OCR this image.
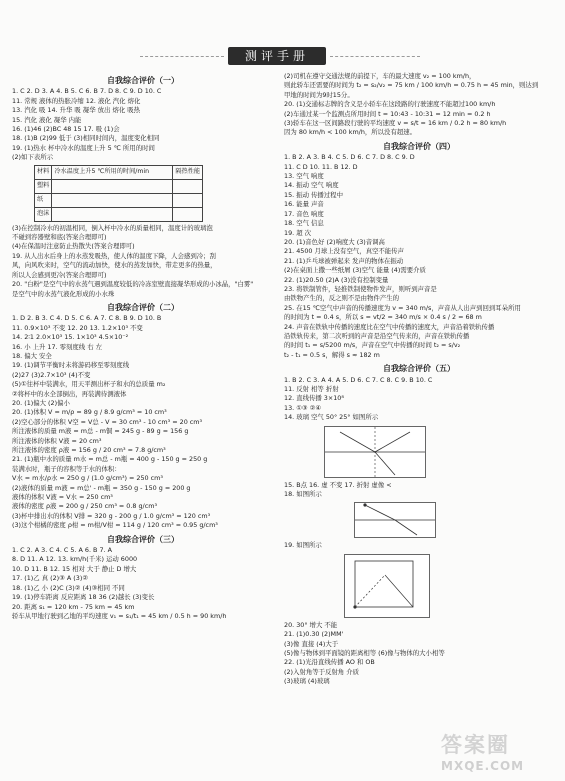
测评手册
自我综合评价（一）
1. C 2. D 3. A 4. B 5. C 6. B 7. D 8. C 9. D 10. C
11. 常规 液体的热胀冷缩 12. 液化 汽化 熔化
13. 汽化 吸 14. 升华 吸 凝华 放出 熔化 吸热
15. 汽化 液化 凝华 内能
16. (1)46 (2)BC 48 15 17. 吸 (1)会
18. (1)B (2)99 低于 (3)相同时间内，温度变化相同
19. (1)热水 杯中冷水的温度上升 5 ℃ 所用的时间
(2)如下表所示
材料	冷水温度上升5 ℃所用的时间/min	隔热性能
塑料		
纸		
泡沫		
(3)在控制冷水的初温相同，倒入杯中冷水的质量相同，温度计的玻璃泡
不碰到容器壁和底(答案合理即可)
(4)在保温时注意防止热散失(答案合理即可)
19. 从人出水后身上的水蒸发吸热，使人体的温度下降，人会感到冷；刮
风，向风吹来时，空气的流动加快，使水的蒸发加快，带走更多的热量，
所以人会感到更冷(答案合理即可)
20. "白粉"是空气中的水蒸气遇到温度较低的冷冻室壁直接凝华形成的小冰晶，"白雾"
是空气中的水蒸气液化形成的小水珠
自我综合评价（二）
1. D 2. B 3. C 4. D 5. C 6. A 7. C 8. B 9. D 10. B
11. 0.9×10³ 不变 12. 20 13. 1.2×10³ 不变
14. 2∶1 2.0×10³ 15. 1×10³ 4.5×10⁻²
16. 小 上升 17. 零刻度线 右 左
18. 偏大 安全
19. (1)调节平衡时未将游码移至零刻度线
(2)27 (3)2.7×10³ (4)不变
(5)①往杯中装满水，用天平测出杯子和水的总质量 m₂
②将杯中的水全部倒出，再装满待测液体
20. (1)偏大 (2)偏小
20. (1)体积 V = m/ρ = 89 g / 8.9 g/cm³ = 10 cm³
(2)空心部分的体积 V空 = V总 - V = 30 cm³ - 10 cm³ = 20 cm³
所注液体的质量 m液 = m总 - m铜 = 245 g - 89 g = 156 g
所注液体的体积 V液 = 20 cm³
所注液体的密度 ρ液 = 156 g / 20 cm³ = 7.8 g/cm³
21. (1)瓶中水的质量 m水 = m总 - m瓶 = 400 g - 150 g = 250 g
装满水时，瓶子的容积等于水的体积：
V水 = m水/ρ水 = 250 g / (1.0 g/cm³) = 250 cm³
(2)液体的质量 m液 = m总' - m瓶 = 350 g - 150 g = 200 g
液体的体积 V液 = V水 = 250 cm³
液体的密度 ρ液 = 200 g / 250 cm³ = 0.8 g/cm³
(3)杯中排出水的体积 V排 = 320 g - 200 g / 1.0 g/cm³ = 120 cm³
(3)这个柑橘的密度 ρ柑 = m柑/V柑 = 114 g / 120 cm³ = 0.95 g/cm³
自我综合评价（三）
1. C 2. A 3. C 4. C 5. A 6. B 7. A
8. D 11. A 12. 13. km/h(千米) 运动 6000
10. D 11. B 12. 15 相对 大于 静止 D 增大
17. (1)乙 真 (2)③ A (3)②
18. (1)乙 小 (2)C (3)② (4)③相同 不同
19. (1)停车距离 反应距离 18 36 (2)越长 (3)变长
20. 距离 s₁ = 120 km - 75 km = 45 km
轿车从甲地行驶到乙地的平均速度 v₁ = s₁/t₁ = 45 km / 0.5 h = 90 km/h
(2)司机在遵守交通法规的前提下，车的最大速度 v₂ = 100 km/h，
则此轿车还需要的时间为 t₂ = s₂/v₂ = 75 km / 100 km/h = 0.75 h = 45 min，则达到
甲地的时间为9时15分。
20. (1)交通标志牌的含义是小轿车在这段路的行驶速度不能超过100 km/h
(2)车通过某一个监测点所用时间 t = 10:43 - 10:31 = 12 min = 0.2 h
(3)轿车在这一区间路段行驶的平均速度 v = s/t = 16 km / 0.2 h = 80 km/h
因为 80 km/h < 100 km/h，所以没有超速。
自我综合评价（四）
1. B 2. A 3. B 4. C 5. D 6. C 7. D 8. C 9. D
11. C D 10. 11. B 12. D
13. 空气 响度
14. 振动 空气 响度
15. 振动 传播过程中
16. 能量 声音
17. 音色 响度
18. 空气 信息
19. 超 次
20. (1)音色好 (2)响度大 (3)音调高
21. 4500 月球上没有空气，真空不能传声
21. (1)乒乓球被弹起来 发声的物体在振动
(2)在桌面上撒一些纸屑 (3)空气 能量 (4)需要介质
22. (1)20.50 (2)A (3)没有控制变量
23. 将铁制管件，轻推铁制使物件发声，则听到声音是
由铁物产生的，反之则不是由物件产生的
25. 在15 ℃空气中声音的传播速度为 v = 340 m/s，声音从人出声到回到耳朵所用
的时间为 t = 0.4 s，所以 s = vt/2 = 340 m/s × 0.4 s / 2 = 68 m
24. 声音在铁轨中传播的速度比在空气中传播的速度大，声音沿着铁轨传播
沿铁轨传来，第二次听到的声音是沿空气传来的，声音在铁轨传播
的时间 t₁ = s/5200 m/s，声音在空气中传播的时间 t₂ = s/v₂
t₂ - t₁ = 0.5 s，解得 s ≈ 182 m
自我综合评价（五）
1. B 2. C 3. A 4. A 5. D 6. C 7. C 8. C 9. B 10. C
11. 反射 相等 折射
12. 直线传播 3×10⁸
13. ①③ ②④
14. 玻璃 空气 50° 25° 如图所示
15. B点 16. 虚 不变 17. 折射 虚像 <
18. 如图所示
19. 如图所示
20. 30° 增大 不能
21. (1)0.30 (2)MM'
(3)像 直接 (4)大于
(5)像与物体到平面镜的距离相等 (6)像与物体的大小相等
22. (1)光沿直线传播 AO 和 OB
(2)入射角等于反射角 介质
(3)玻璃 (4)玻璃
答案圈
MXQE.COM
